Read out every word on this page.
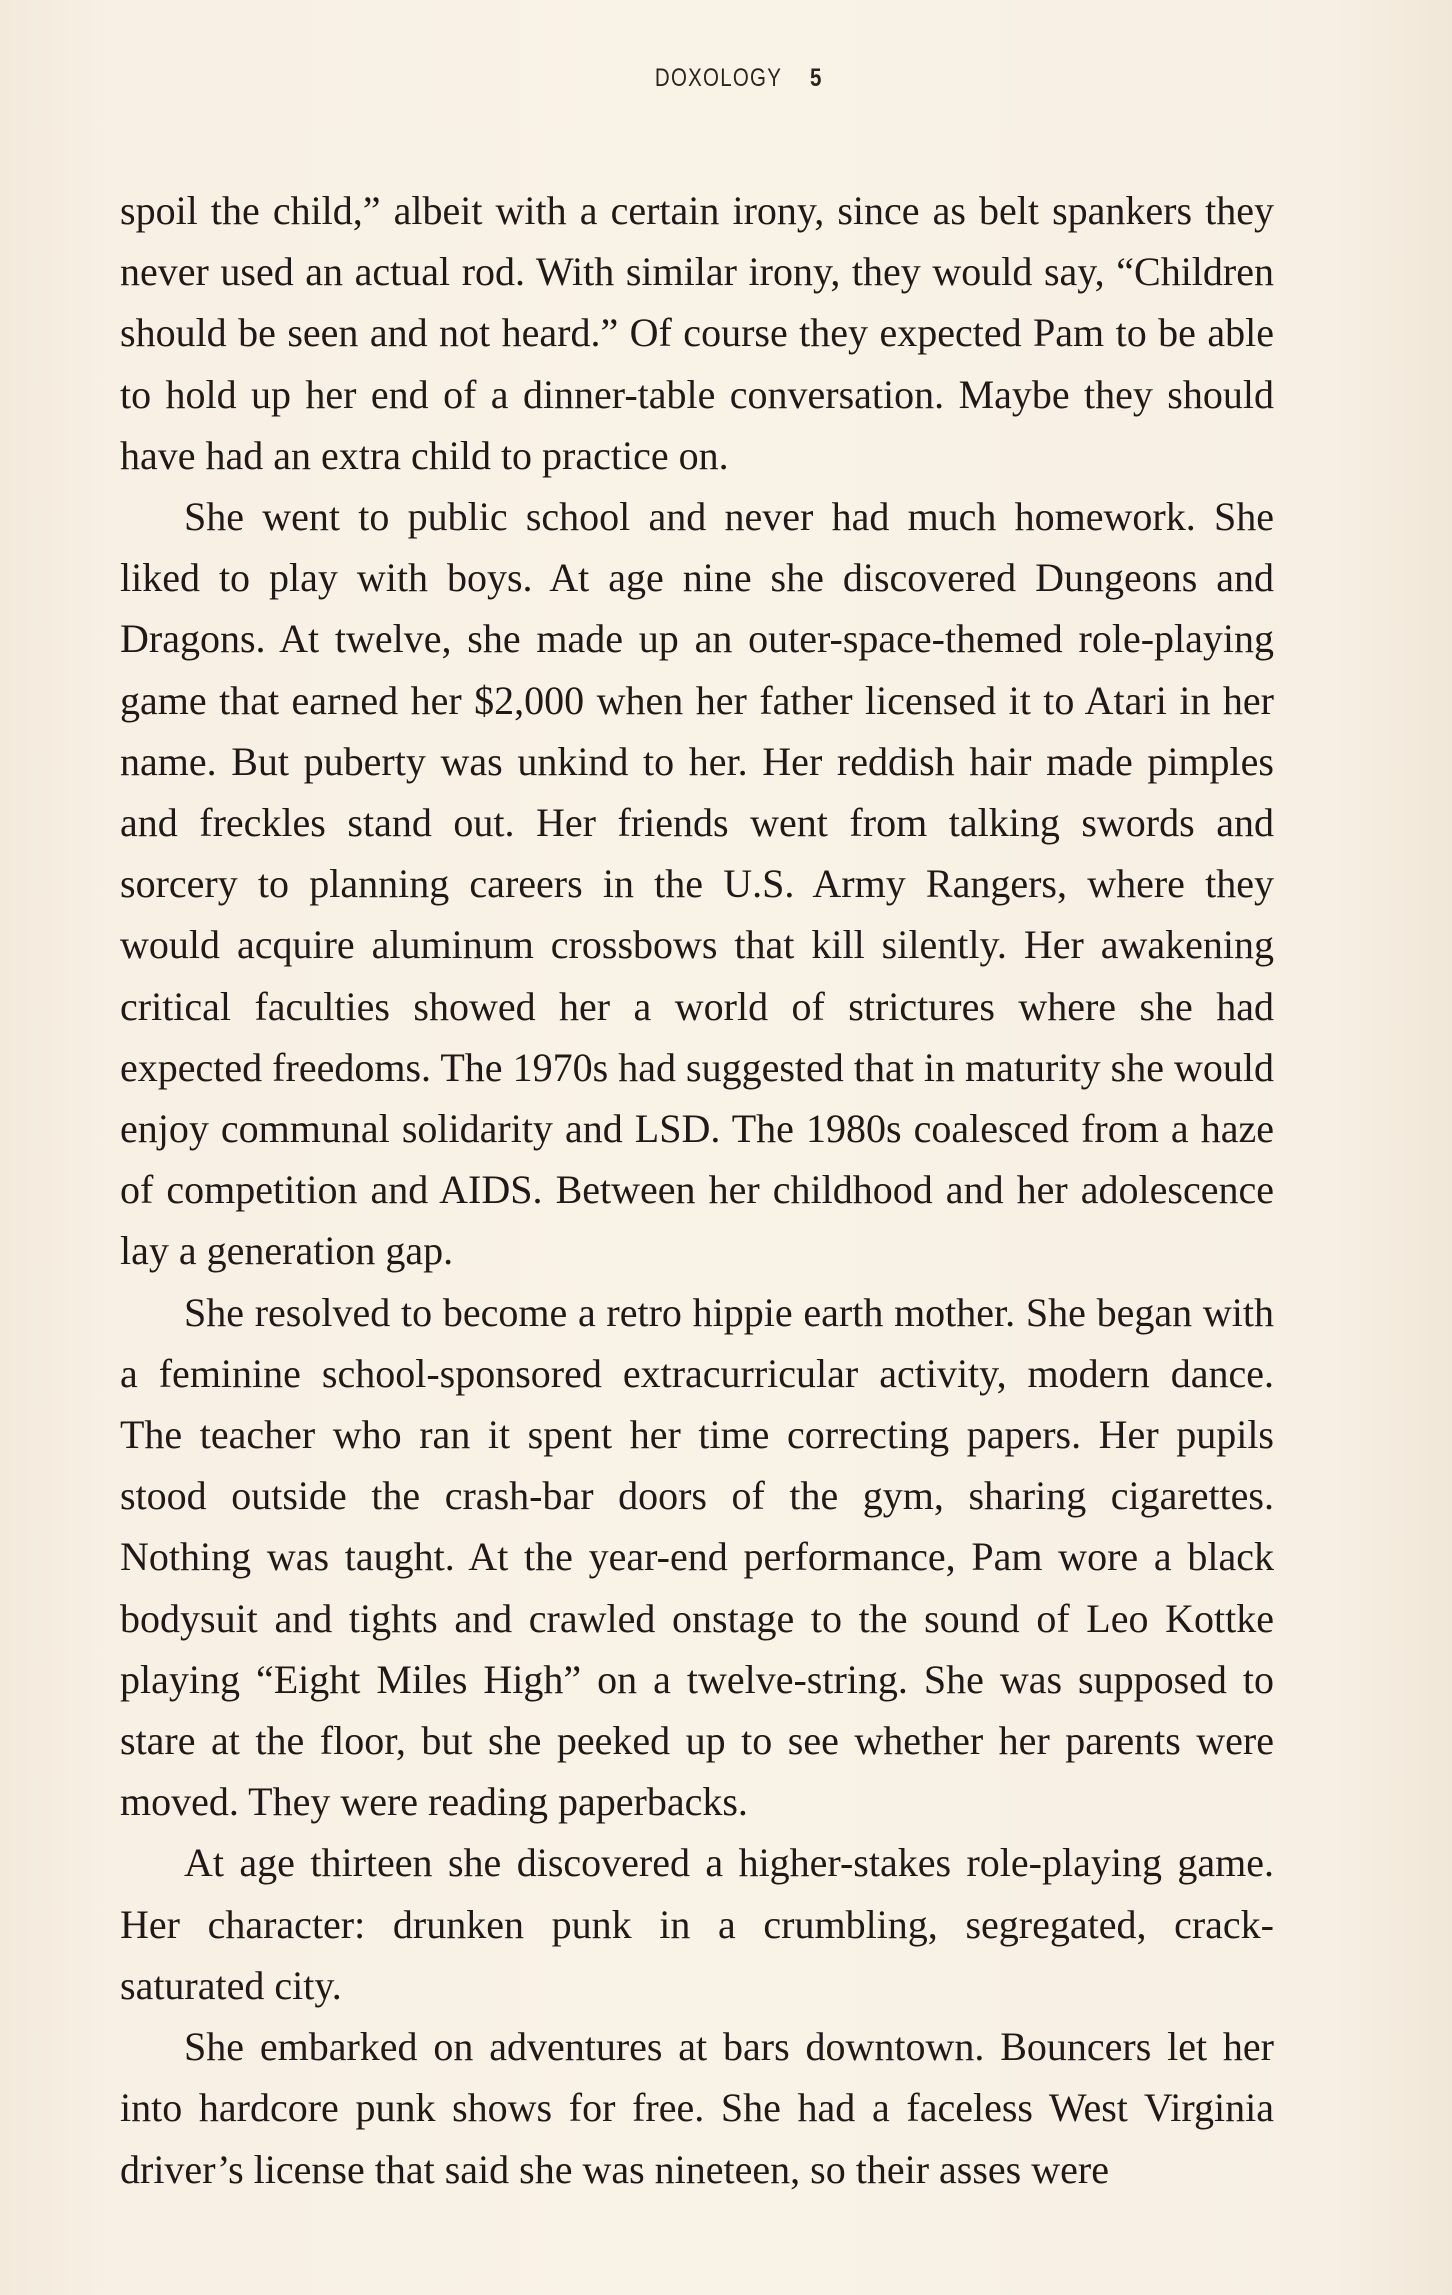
DOXOLOGY 5

spoil the child,” albeit with a certain irony, since as belt spankers they never used an actual rod. With similar irony, they would say, “Children should be seen and not heard.” Of course they expected Pam to be able to hold up her end of a dinner-table conversation. Maybe they should have had an extra child to practice on.

She went to public school and never had much homework. She liked to play with boys. At age nine she discovered Dungeons and Dragons. At twelve, she made up an outer-space-themed role-playing game that earned her $2,000 when her father licensed it to Atari in her name. But puberty was unkind to her. Her reddish hair made pimples and freckles stand out. Her friends went from talking swords and sorcery to planning careers in the U.S. Army Rangers, where they would acquire aluminum crossbows that kill silently. Her awakening critical faculties showed her a world of strictures where she had expected freedoms. The 1970s had suggested that in maturity she would enjoy communal solidarity and LSD. The 1980s coalesced from a haze of competition and AIDS. Between her childhood and her adolescence lay a generation gap.

She resolved to become a retro hippie earth mother. She began with a feminine school-sponsored extracurricular activity, modern dance. The teacher who ran it spent her time correcting papers. Her pupils stood outside the crash-bar doors of the gym, sharing cigarettes. Nothing was taught. At the year-end performance, Pam wore a black bodysuit and tights and crawled onstage to the sound of Leo Kottke playing “Eight Miles High” on a twelve-string. She was supposed to stare at the floor, but she peeked up to see whether her parents were moved. They were reading paperbacks.

At age thirteen she discovered a higher-stakes role-playing game. Her character: drunken punk in a crumbling, segregated, crack-saturated city.

She embarked on adventures at bars downtown. Bouncers let her into hardcore punk shows for free. She had a faceless West Virginia driver’s license that said she was nineteen, so their asses were
